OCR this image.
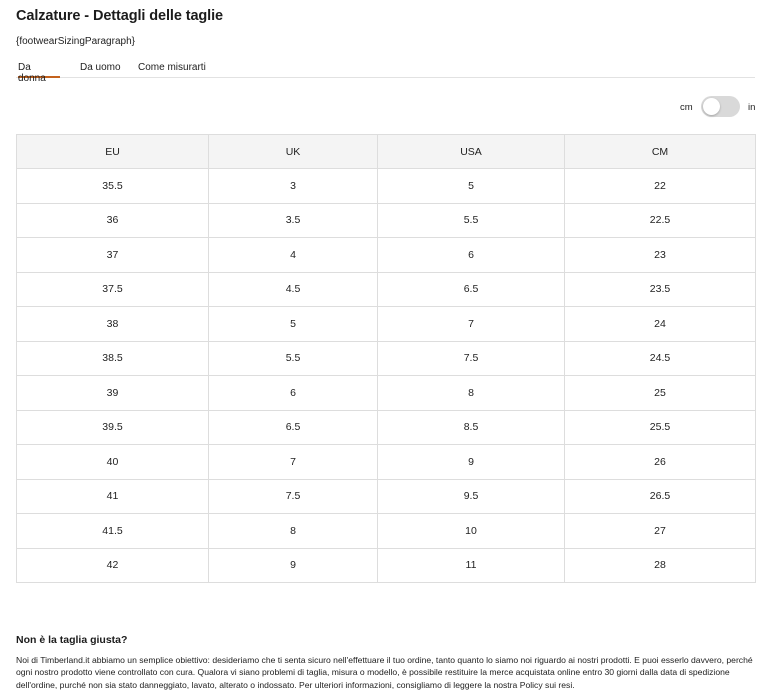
Calzature - Dettagli delle taglie
{footwearSizingParagraph}
Da donna
Da uomo Come misurarti
cm	in
EU	UK	USA	CM
35.5	3	5	22
36	3.5	5.5	22.5
37	4	6	23
37.5	4.5	6.5	23.5
38	5	7	24
38.5	5.5	7.5	24.5
39	6	8	25
39.5	6.5	8.5	25.5
40	7	9	26
41	7.5	9.5	26.5
41.5	8	10	27
42	9	11	28
Non è la taglia giusta?

Noi di Timberland.it abbiamo un semplice obiettivo: desideriamo che ti senta sicuro nell'effettuare il tuo ordine, tanto quanto lo siamo noi riguardo ai nostri prodotti. E puoi esserlo davvero, perché ogni nostro prodotto viene controllato con cura. Qualora vi siano problemi di taglia, misura o modello, è possibile restituire la merce acquistata online entro 30 giorni dalla data di spedizione dell'ordine, purché non sia stato danneggiato, lavato, alterato o indossato. Per ulteriori informazioni, consigliamo di leggere la nostra Policy sui resi.
